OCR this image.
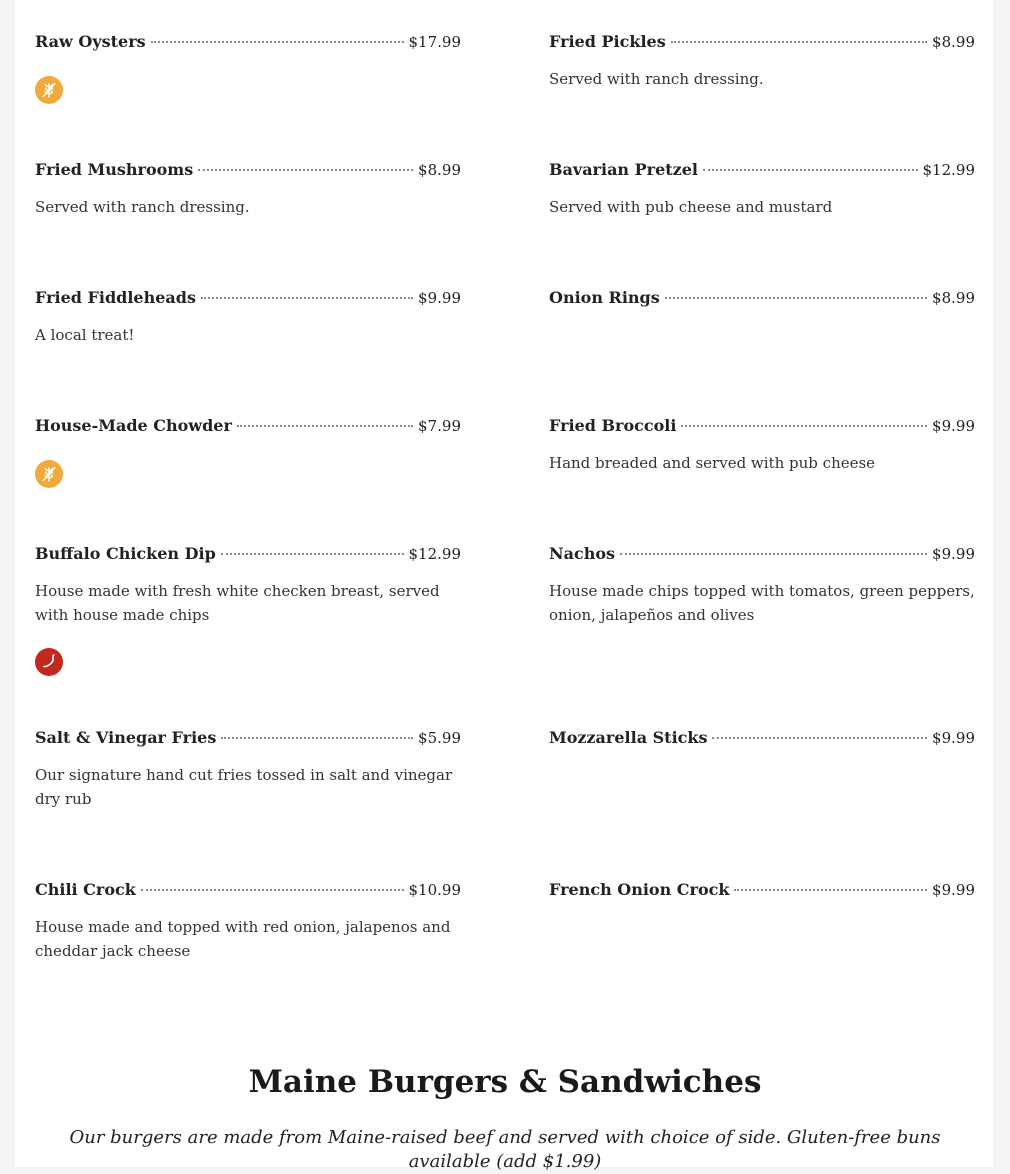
Raw Oysters	$17.99	Fried Pickles	$8.99
Served with ranch dressing.
Fried Mushrooms	$8.99
Served with ranch dressing.
Bavarian Pretzel	$12.99
Served with pub cheese and mustard
Fried Fiddleheads	$9.99
A local treat!
Onion Rings	$8.99
House-Made Chowder	$7.99	Fried Broccoli	$9.99
Hand breaded and served with pub cheese
Buffalo Chicken Dip	$12.99
House made with fresh white checken breast, served with house made chips
Nachos	$9.99
House made chips topped with tomatos, green peppers, onion, jalapeños and olives
Salt & Vinegar Fries	$5.99
Our signature hand cut fries tossed in salt and vinegar dry rub
Mozzarella Sticks	$9.99
Chili Crock	$10.99
House made and topped with red onion, jalapenos and cheddar jack cheese
French Onion Crock	$9.99
Maine Burgers & Sandwiches

Our burgers are made from Maine-raised beef and served with choice of side. Gluten-free buns available (add $1.99)
